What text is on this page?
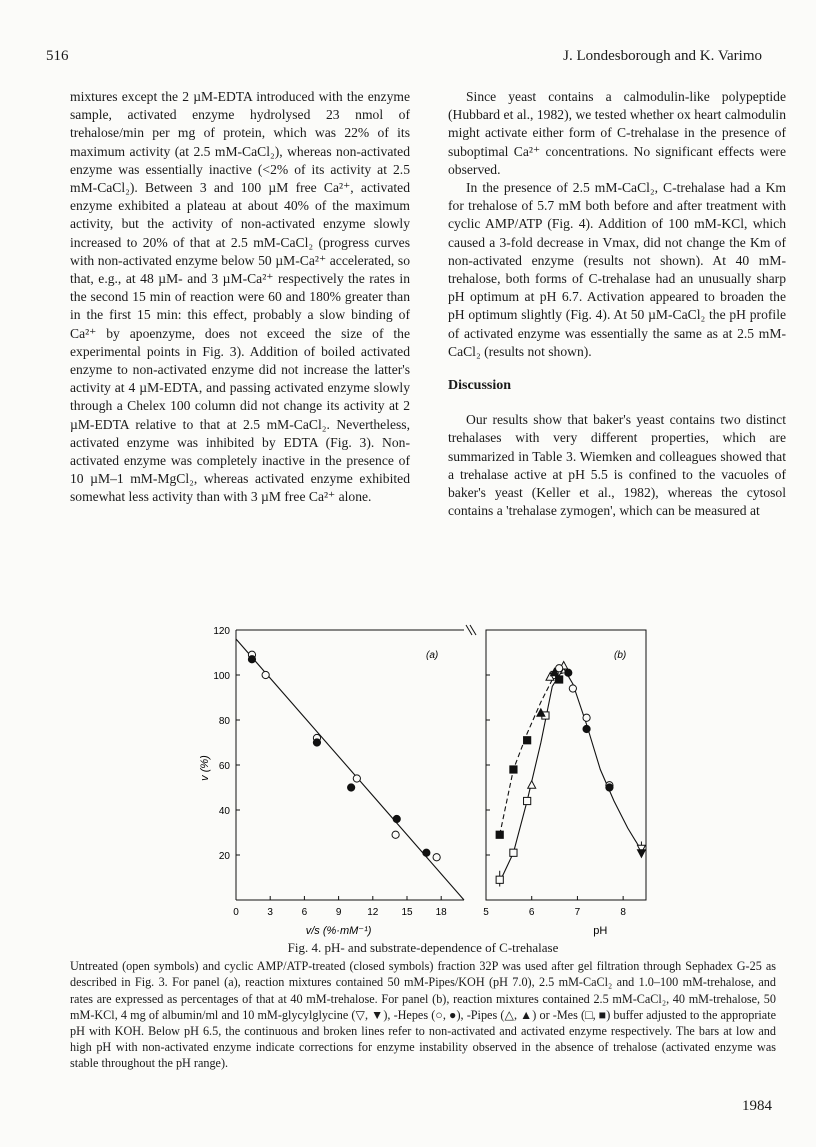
516	J. Londesborough and K. Varimo

mixtures except the 2 µM-EDTA introduced with the enzyme sample, activated enzyme hydrolysed 23 nmol of trehalose/min per mg of protein, which was 22% of its maximum activity (at 2.5 mM-CaCl₂), whereas non-activated enzyme was essentially inactive (<2% of its activity at 2.5 mM-CaCl₂). Between 3 and 100 µM free Ca²⁺, activated enzyme exhibited a plateau at about 40% of the maximum activity, but the activity of non-activated enzyme slowly increased to 20% of that at 2.5 mM-CaCl₂ (progress curves with non-activated enzyme below 50 µM-Ca²⁺ accelerated, so that, e.g., at 48 µM- and 3 µM-Ca²⁺ respectively the rates in the second 15 min of reaction were 60 and 180% greater than in the first 15 min: this effect, probably a slow binding of Ca²⁺ by apoenzyme, does not exceed the size of the experimental points in Fig. 3). Addition of boiled activated enzyme to non-activated enzyme did not increase the latter's activity at 4 µM-EDTA, and passing activated enzyme slowly through a Chelex 100 column did not change its activity at 2 µM-EDTA relative to that at 2.5 mM-CaCl₂. Nevertheless, activated enzyme was inhibited by EDTA (Fig. 3). Non-activated enzyme was completely inactive in the presence of 10 µM–1 mM-MgCl₂, whereas activated enzyme exhibited somewhat less activity than with 3 µM free Ca²⁺ alone.

Since yeast contains a calmodulin-like polypeptide (Hubbard et al., 1982), we tested whether ox heart calmodulin might activate either form of C-trehalase in the presence of suboptimal Ca²⁺ concentrations. No significant effects were observed.

In the presence of 2.5 mM-CaCl₂, C-trehalase had a Km for trehalose of 5.7 mM both before and after treatment with cyclic AMP/ATP (Fig. 4). Addition of 100 mM-KCl, which caused a 3-fold decrease in Vmax, did not change the Km of non-activated enzyme (results not shown). At 40 mM-trehalose, both forms of C-trehalase had an unusually sharp pH optimum at pH 6.7. Activation appeared to broaden the pH optimum slightly (Fig. 4). At 50 µM-CaCl₂ the pH profile of activated enzyme was essentially the same as at 2.5 mM-CaCl₂ (results not shown).

Discussion

Our results show that baker's yeast contains two distinct trehalases with very different properties, which are summarized in Table 3. Wiemken and colleagues showed that a trehalase active at pH 5.5 is confined to the vacuoles of baker's yeast (Keller et al., 1982), whereas the cytosol contains a 'trehalase zymogen', which can be measured at

20
40
60
80
100
120
0	3	6	9	12 15 18
(a)
v (%)
v/s (%·mM⁻¹)
5	6	7	8
(b)
pH
Fig. 4. pH- and substrate-dependence of C-trehalase
Untreated (open symbols) and cyclic AMP/ATP-treated (closed symbols) fraction 32P was used after gel filtration through Sephadex G-25 as described in Fig. 3. For panel (a), reaction mixtures contained 50 mM-Pipes/KOH (pH 7.0), 2.5 mM-CaCl₂ and 1.0–100 mM-trehalose, and rates are expressed as percentages of that at 40 mM-trehalose. For panel (b), reaction mixtures contained 2.5 mM-CaCl₂, 40 mM-trehalose, 50 mM-KCl, 4 mg of albumin/ml and 10 mM-glycylglycine (▽, ▼), -Hepes (○, ●), -Pipes (△, ▲) or -Mes (□, ■) buffer adjusted to the appropriate pH with KOH. Below pH 6.5, the continuous and broken lines refer to non-activated and activated enzyme respectively. The bars at low and high pH with non-activated enzyme indicate corrections for enzyme instability observed in the absence of trehalose (activated enzyme was stable throughout the pH range).
1984
